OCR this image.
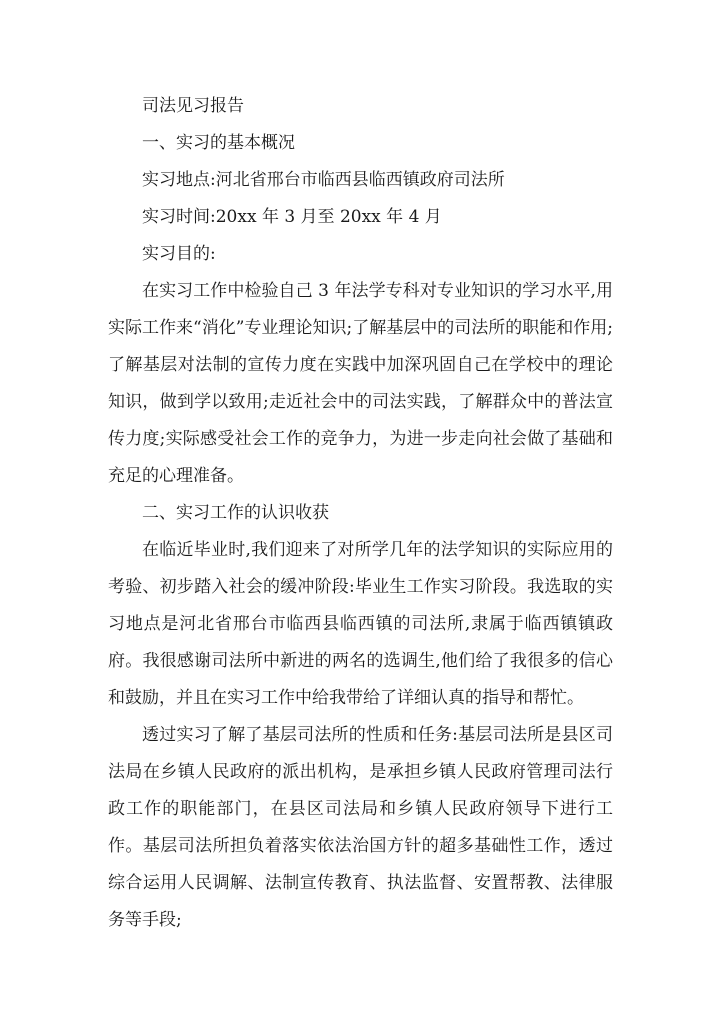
司法见习报告
一、实习的基本概况
实习地点:河北省邢台市临西县临西镇政府司法所
实习时间:20xx 年 3 月至 20xx 年 4 月
实习目的:
在实习工作中检验自己 3 年法学专科对专业知识的学习水平,用实际工作来“消化”专业理论知识;了解基层中的司法所的职能和作用;了解基层对法制的宣传力度在实践中加深巩固自己在学校中的理论知识，做到学以致用;走近社会中的司法实践，了解群众中的普法宣传力度;实际感受社会工作的竞争力，为进一步走向社会做了基础和充足的心理准备。
二、实习工作的认识收获
在临近毕业时,我们迎来了对所学几年的法学知识的实际应用的考验、初步踏入社会的缓冲阶段:毕业生工作实习阶段。我选取的实习地点是河北省邢台市临西县临西镇的司法所,隶属于临西镇镇政府。我很感谢司法所中新进的两名的选调生,他们给了我很多的信心和鼓励，并且在实习工作中给我带给了详细认真的指导和帮忙。
透过实习了解了基层司法所的性质和任务:基层司法所是县区司法局在乡镇人民政府的派出机构，是承担乡镇人民政府管理司法行政工作的职能部门，在县区司法局和乡镇人民政府领导下进行工作。基层司法所担负着落实依法治国方针的超多基础性工作，透过综合运用人民调解、法制宣传教育、执法监督、安置帮教、法律服务等手段;
